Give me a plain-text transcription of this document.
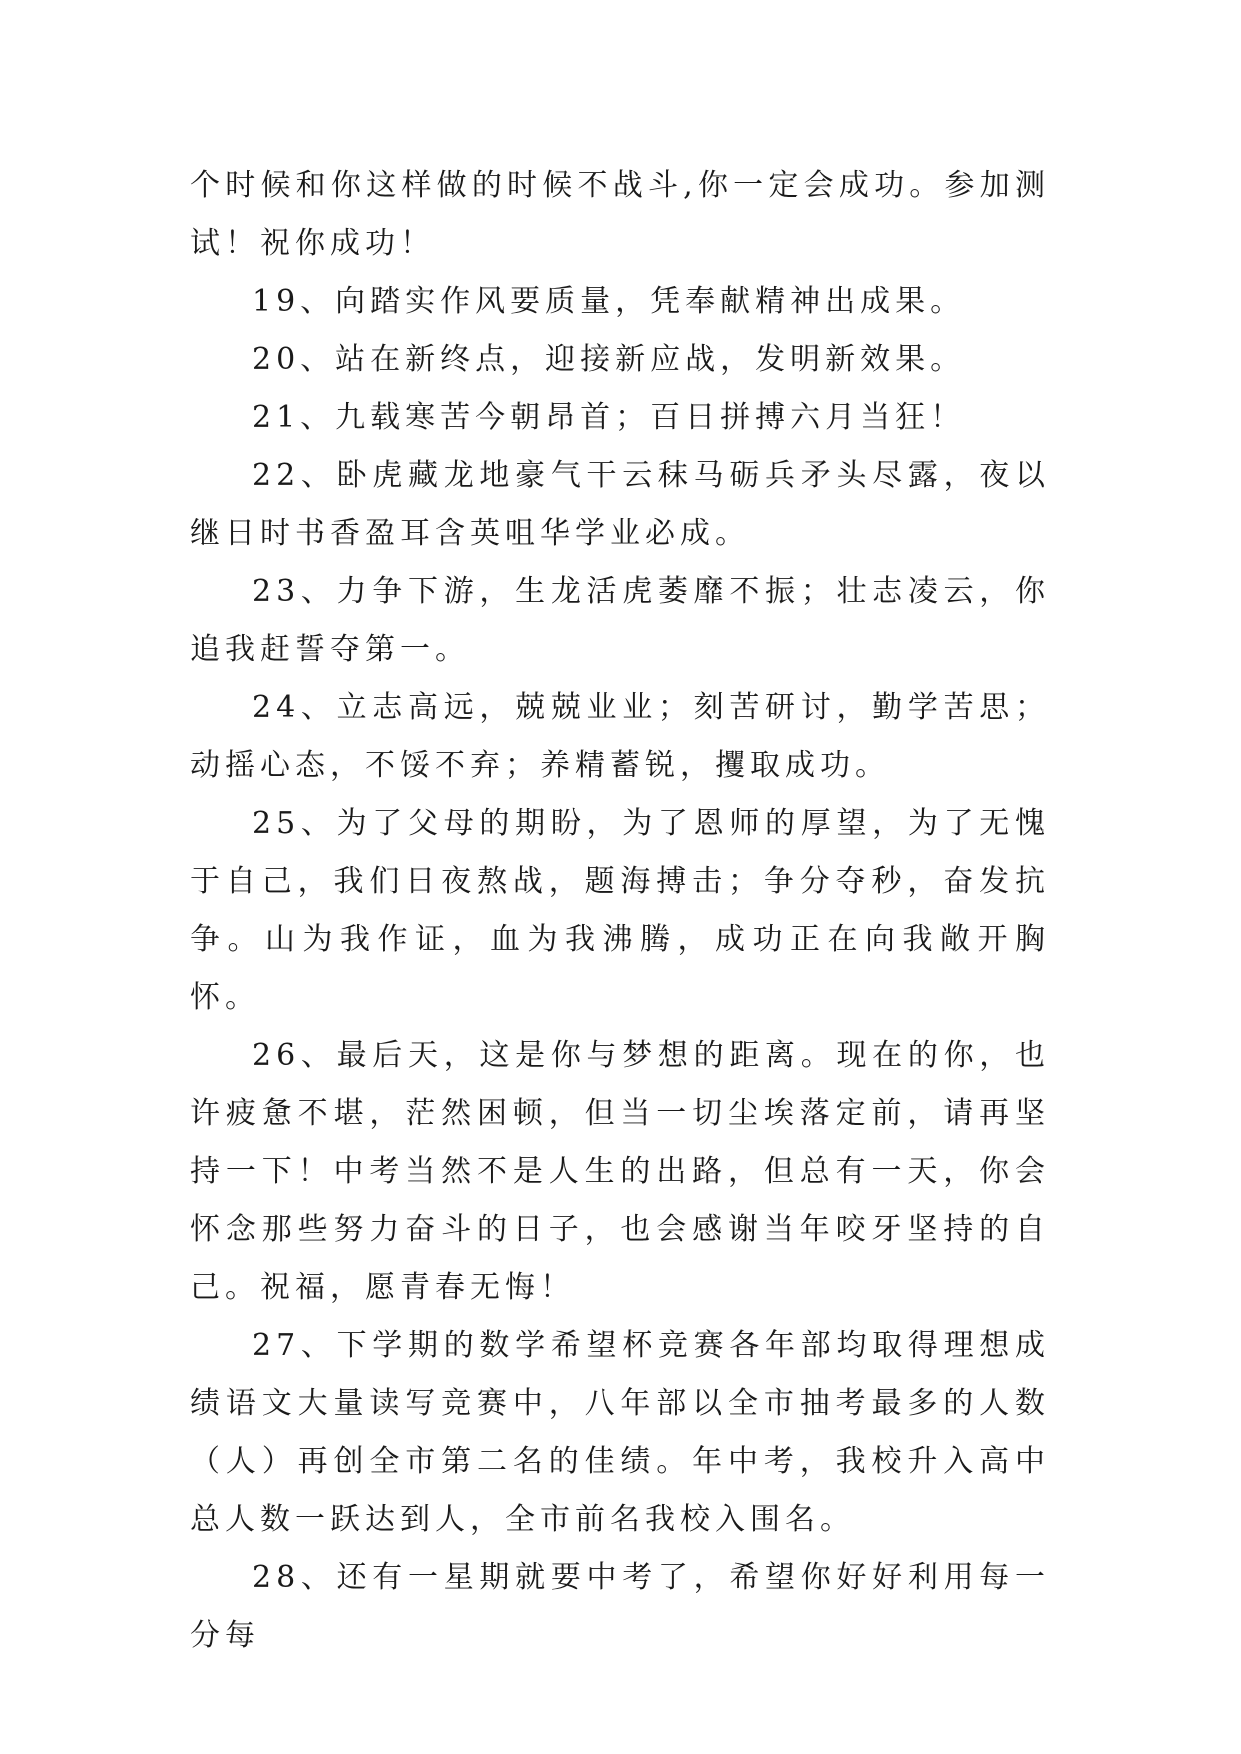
个时候和你这样做的时候不战斗,你一定会成功。参加测试！祝你成功！

19、向踏实作风要质量，凭奉献精神出成果。

20、站在新终点，迎接新应战，发明新效果。

21、九载寒苦今朝昂首；百日拼搏六月当狂！

22、卧虎藏龙地豪气干云秣马砺兵矛头尽露，夜以继日时书香盈耳含英咀华学业必成。

23、力争下游，生龙活虎萎靡不振；壮志凌云，你追我赶誓夺第一。

24、立志高远，兢兢业业；刻苦研讨，勤学苦思；动摇心态，不馁不弃；养精蓄锐，攫取成功。

25、为了父母的期盼，为了恩师的厚望，为了无愧于自己，我们日夜熬战，题海搏击；争分夺秒，奋发抗争。山为我作证，血为我沸腾，成功正在向我敞开胸怀。

26、最后天，这是你与梦想的距离。现在的你，也许疲惫不堪，茫然困顿，但当一切尘埃落定前，请再坚持一下！中考当然不是人生的出路，但总有一天，你会怀念那些努力奋斗的日子，也会感谢当年咬牙坚持的自己。祝福，愿青春无悔！

27、下学期的数学希望杯竞赛各年部均取得理想成绩语文大量读写竞赛中，八年部以全市抽考最多的人数（人）再创全市第二名的佳绩。年中考，我校升入高中总人数一跃达到人，全市前名我校入围名。

28、还有一星期就要中考了，希望你好好利用每一分每
